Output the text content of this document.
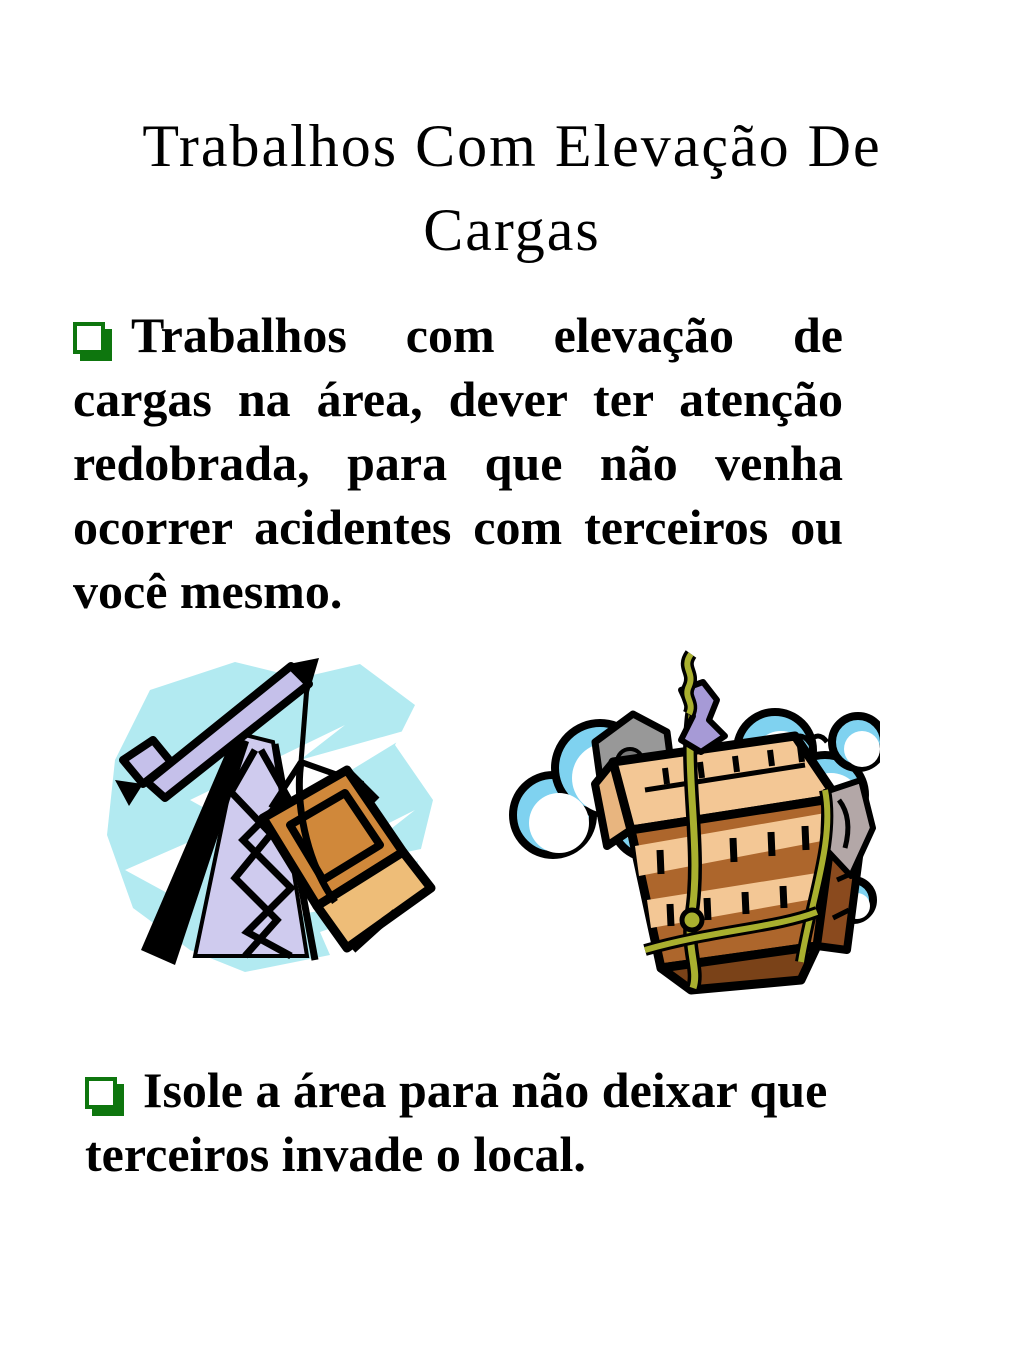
Trabalhos Com Elevação De Cargas

Trabalhos com elevação de cargas na área, dever ter atenção redobrada, para que não venha ocorrer acidentes com terceiros ou você mesmo.

Isole a área para não deixar que terceiros invade o local.
